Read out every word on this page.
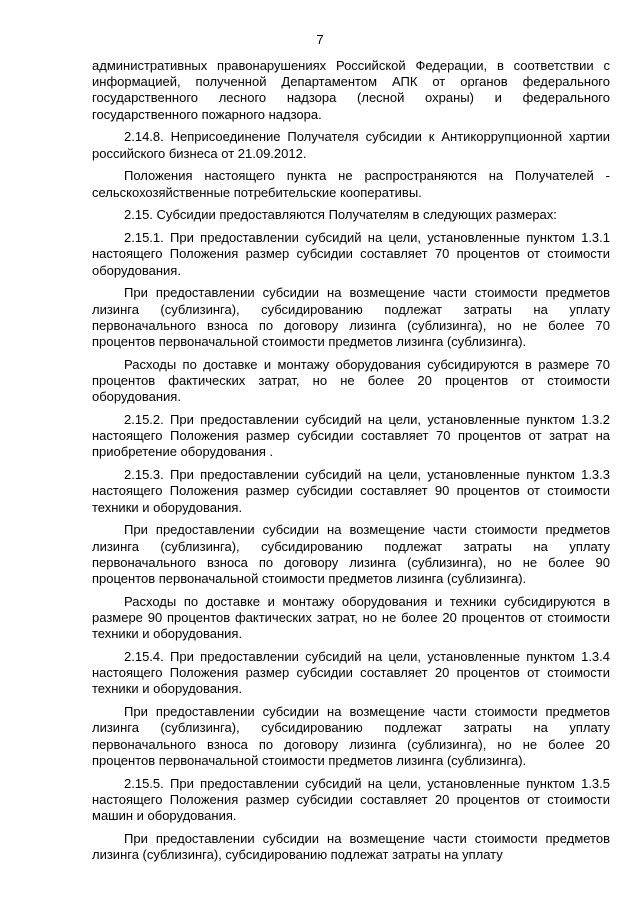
7

административных правонарушениях Российской Федерации, в соответствии с информацией, полученной Департаментом АПК от органов федерального государственного лесного надзора (лесной охраны) и федерального государственного пожарного надзора.

2.14.8. Неприсоединение Получателя субсидии к Антикоррупционной хартии российского бизнеса от 21.09.2012.

Положения настоящего пункта не распространяются на Получателей - сельскохозяйственные потребительские кооперативы.

2.15. Субсидии предоставляются Получателям в следующих размерах:

2.15.1. При предоставлении субсидий на цели, установленные пунктом 1.3.1 настоящего Положения размер субсидии составляет 70 процентов от стоимости оборудования.

При предоставлении субсидии на возмещение части стоимости предметов лизинга (сублизинга), субсидированию подлежат затраты на уплату первоначального взноса по договору лизинга (сублизинга), но не более 70 процентов первоначальной стоимости предметов лизинга (сублизинга).

Расходы по доставке и монтажу оборудования субсидируются в размере 70 процентов фактических затрат, но не более 20 процентов от стоимости оборудования.

2.15.2. При предоставлении субсидий на цели, установленные пунктом 1.3.2 настоящего Положения размер субсидии составляет 70 процентов от затрат на приобретение оборудования .

2.15.3. При предоставлении субсидий на цели, установленные пунктом 1.3.3 настоящего Положения размер субсидии составляет 90 процентов от стоимости техники и оборудования.

При предоставлении субсидии на возмещение части стоимости предметов лизинга (сублизинга), субсидированию подлежат затраты на уплату первоначального взноса по договору лизинга (сублизинга), но не более 90 процентов первоначальной стоимости предметов лизинга (сублизинга).

Расходы по доставке и монтажу оборудования и техники субсидируются в размере 90 процентов фактических затрат, но не более 20 процентов от стоимости техники и оборудования.

2.15.4. При предоставлении субсидий на цели, установленные пунктом 1.3.4 настоящего Положения размер субсидии составляет 20 процентов от стоимости техники и оборудования.

При предоставлении субсидии на возмещение части стоимости предметов лизинга (сублизинга), субсидированию подлежат затраты на уплату первоначального взноса по договору лизинга (сублизинга), но не более 20 процентов первоначальной стоимости предметов лизинга (сублизинга).

2.15.5. При предоставлении субсидий на цели, установленные пунктом 1.3.5 настоящего Положения размер субсидии составляет 20 процентов от стоимости машин и оборудования.

При предоставлении субсидии на возмещение части стоимости предметов лизинга (сублизинга), субсидированию подлежат затраты на уплату
